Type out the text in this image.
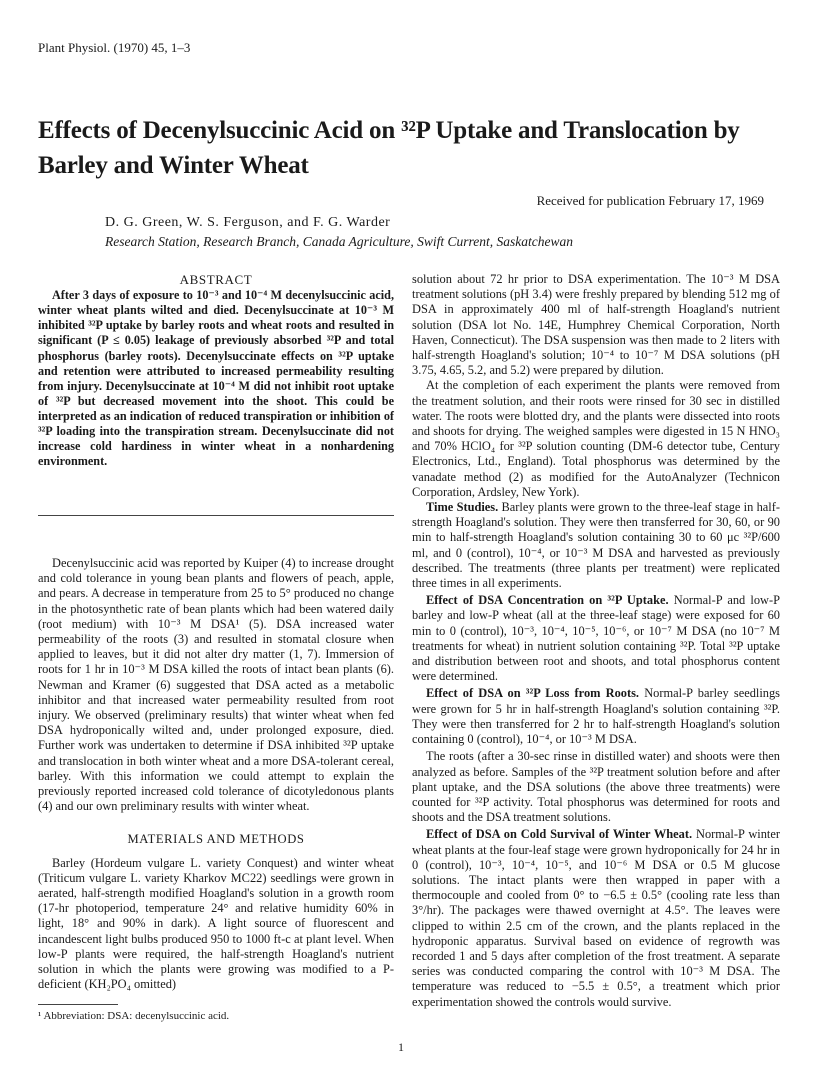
Plant Physiol. (1970) 45, 1–3
Effects of Decenylsuccinic Acid on ³²P Uptake and Translocation by Barley and Winter Wheat
Received for publication February 17, 1969
D. G. Green, W. S. Ferguson, and F. G. Warder
Research Station, Research Branch, Canada Agriculture, Swift Current, Saskatchewan
ABSTRACT

After 3 days of exposure to 10⁻³ and 10⁻⁴ M decenylsuccinic acid, winter wheat plants wilted and died. Decenylsuccinate at 10⁻³ M inhibited ³²P uptake by barley roots and wheat roots and resulted in significant (P ≤ 0.05) leakage of previously absorbed ³²P and total phosphorus (barley roots). Decenylsuccinate effects on ³²P uptake and retention were attributed to increased permeability resulting from injury. Decenylsuccinate at 10⁻⁴ M did not inhibit root uptake of ³²P but decreased movement into the shoot. This could be interpreted as an indication of reduced transpiration or inhibition of ³²P loading into the transpiration stream. Decenylsuccinate did not increase cold hardiness in winter wheat in a nonhardening environment.

Decenylsuccinic acid was reported by Kuiper (4) to increase drought and cold tolerance in young bean plants and flowers of peach, apple, and pears. A decrease in temperature from 25 to 5° produced no change in the photosynthetic rate of bean plants which had been watered daily (root medium) with 10⁻³ M DSA¹ (5). DSA increased water permeability of the roots (3) and resulted in stomatal closure when applied to leaves, but it did not alter dry matter (1, 7). Immersion of roots for 1 hr in 10⁻³ M DSA killed the roots of intact bean plants (6). Newman and Kramer (6) suggested that DSA acted as a metabolic inhibitor and that increased water permeability resulted from root injury. We observed (preliminary results) that winter wheat when fed DSA hydroponically wilted and, under prolonged exposure, died. Further work was undertaken to determine if DSA inhibited ³²P uptake and translocation in both winter wheat and a more DSA-tolerant cereal, barley. With this information we could attempt to explain the previously reported increased cold tolerance of dicotyledonous plants (4) and our own preliminary results with winter wheat.

MATERIALS AND METHODS

Barley (Hordeum vulgare L. variety Conquest) and winter wheat (Triticum vulgare L. variety Kharkov MC22) seedlings were grown in aerated, half-strength modified Hoagland's solution in a growth room (17-hr photoperiod, temperature 24° and relative humidity 60% in light, 18° and 90% in dark). A light source of fluorescent and incandescent light bulbs produced 950 to 1000 ft-c at plant level. When low-P plants were required, the half-strength Hoagland's nutrient solution in which the plants were growing was modified to a P-deficient (KH₂PO₄ omitted)

¹ Abbreviation: DSA: decenylsuccinic acid.

solution about 72 hr prior to DSA experimentation. The 10⁻³ M DSA treatment solutions (pH 3.4) were freshly prepared by blending 512 mg of DSA in approximately 400 ml of half-strength Hoagland's nutrient solution (DSA lot No. 14E, Humphrey Chemical Corporation, North Haven, Connecticut). The DSA suspension was then made to 2 liters with half-strength Hoagland's solution; 10⁻⁴ to 10⁻⁷ M DSA solutions (pH 3.75, 4.65, 5.2, and 5.2) were prepared by dilution.

At the completion of each experiment the plants were removed from the treatment solution, and their roots were rinsed for 30 sec in distilled water. The roots were blotted dry, and the plants were dissected into roots and shoots for drying. The weighed samples were digested in 15 N HNO₃ and 70% HClO₄ for ³²P solution counting (DM-6 detector tube, Century Electronics, Ltd., England). Total phosphorus was determined by the vanadate method (2) as modified for the AutoAnalyzer (Technicon Corporation, Ardsley, New York).

Time Studies. Barley plants were grown to the three-leaf stage in half-strength Hoagland's solution. They were then transferred for 30, 60, or 90 min to half-strength Hoagland's solution containing 30 to 60 μc ³²P/600 ml, and 0 (control), 10⁻⁴, or 10⁻³ M DSA and harvested as previously described. The treatments (three plants per treatment) were replicated three times in all experiments.

Effect of DSA Concentration on ³²P Uptake. Normal-P and low-P barley and low-P wheat (all at the three-leaf stage) were exposed for 60 min to 0 (control), 10⁻³, 10⁻⁴, 10⁻⁵, 10⁻⁶, or 10⁻⁷ M DSA (no 10⁻⁷ M treatments for wheat) in nutrient solution containing ³²P. Total ³²P uptake and distribution between root and shoots, and total phosphorus content were determined.

Effect of DSA on ³²P Loss from Roots. Normal-P barley seedlings were grown for 5 hr in half-strength Hoagland's solution containing ³²P. They were then transferred for 2 hr to half-strength Hoagland's solution containing 0 (control), 10⁻⁴, or 10⁻³ M DSA.

The roots (after a 30-sec rinse in distilled water) and shoots were then analyzed as before. Samples of the ³²P treatment solution before and after plant uptake, and the DSA solutions (the above three treatments) were counted for ³²P activity. Total phosphorus was determined for roots and shoots and the DSA treatment solutions.

Effect of DSA on Cold Survival of Winter Wheat. Normal-P winter wheat plants at the four-leaf stage were grown hydroponically for 24 hr in 0 (control), 10⁻³, 10⁻⁴, 10⁻⁵, and 10⁻⁶ M DSA or 0.5 M glucose solutions. The intact plants were then wrapped in paper with a thermocouple and cooled from 0° to −6.5 ± 0.5° (cooling rate less than 3°/hr). The packages were thawed overnight at 4.5°. The leaves were clipped to within 2.5 cm of the crown, and the plants replaced in the hydroponic apparatus. Survival based on evidence of regrowth was recorded 1 and 5 days after completion of the frost treatment. A separate series was conducted comparing the control with 10⁻³ M DSA. The temperature was reduced to −5.5 ± 0.5°, a treatment which prior experimentation showed the controls would survive.

1
